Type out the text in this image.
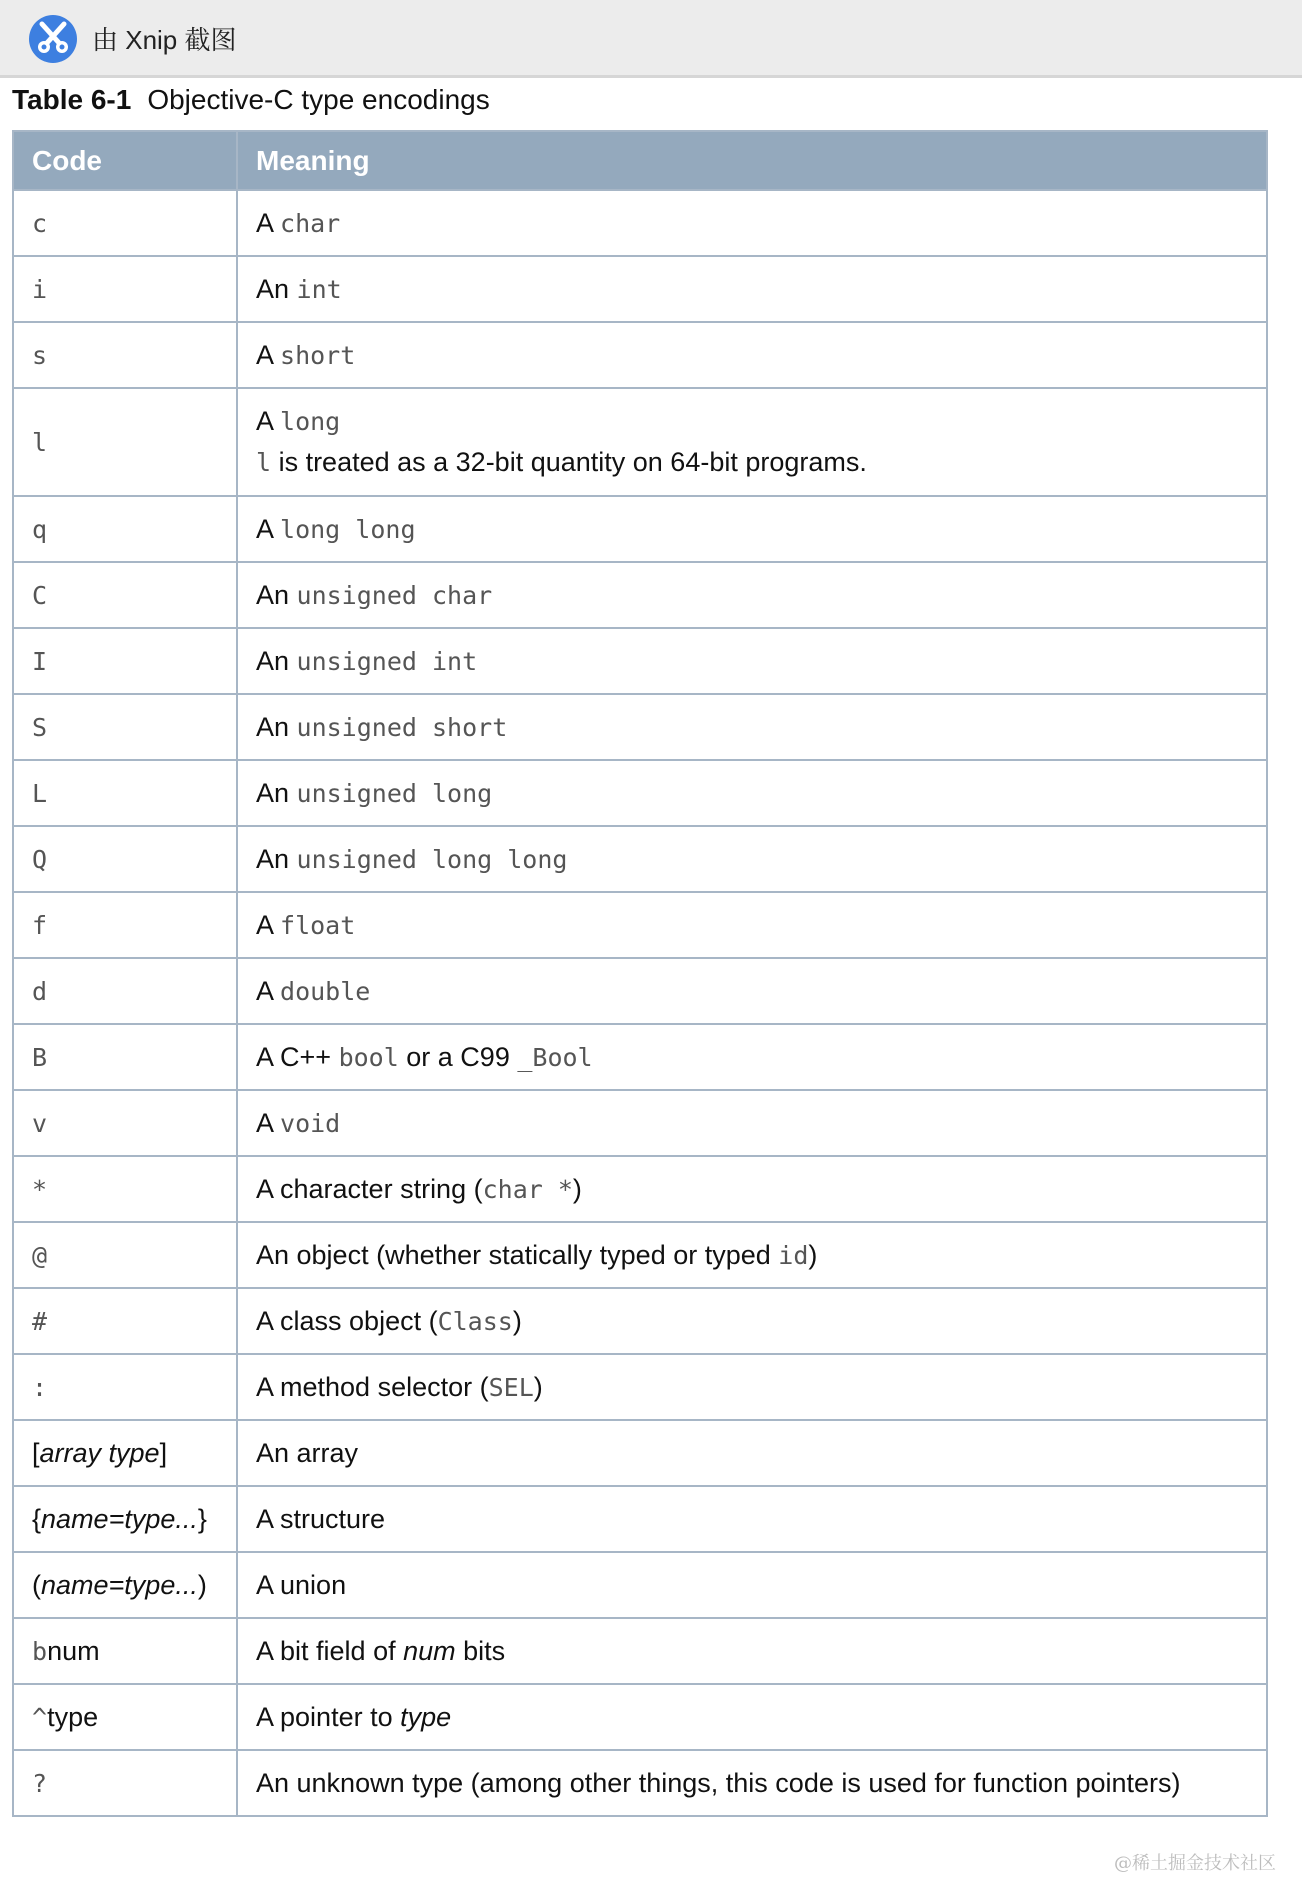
由 Xnip 截图
Table 6-1 Objective-C type encodings
Code	Meaning
c	A char
i	An int
s	A short
l	A long
l is treated as a 32-bit quantity on 64-bit programs.

q	A long long
C	An unsigned char
I	An unsigned int
S	An unsigned short
L	An unsigned long
Q	An unsigned long long
f	A float
d	A double
B	A C++ bool or a C99 _Bool
v	A void
*	A character string (char *)
@	An object (whether statically typed or typed id)
#	A class object (Class)
:	A method selector (SEL)
[array type]	An array
{name=type...}	A structure
(name=type...)	A union
bnum	A bit field of num bits
^type	A pointer to type
?	An unknown type (among other things, this code is used for function pointers)
@稀土掘金技术社区
